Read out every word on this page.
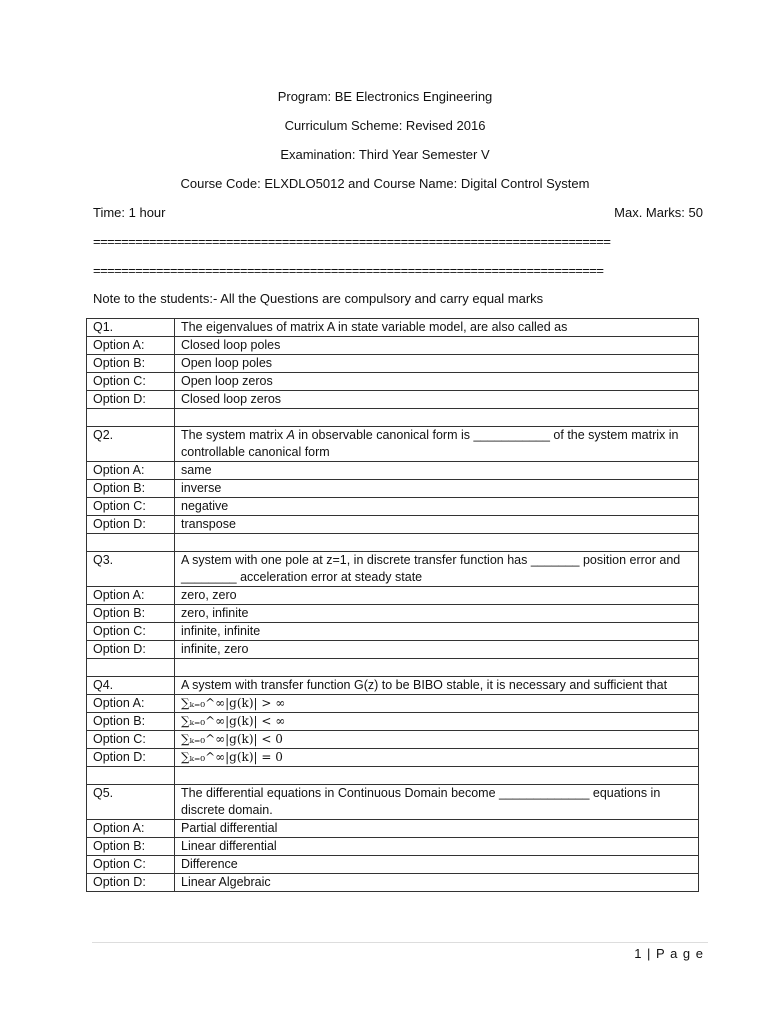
Program: BE Electronics Engineering
Curriculum Scheme: Revised 2016
Examination: Third Year Semester V
Course Code: ELXDLO5012 and Course Name: Digital Control System
Time: 1 hour	Max. Marks: 50
==========================================================================
=========================================================================
Note to the students:- All the Questions are compulsory and carry equal marks
Q1.	The eigenvalues of matrix A in state variable model, are also called as
Option A:	Closed loop poles
Option B:	Open loop poles
Option C:	Open loop zeros
Option D:	Closed loop zeros

Q2.	The system matrix A in observable canonical form is ___________ of the system matrix in controllable canonical form
Option A:	same
Option B:	inverse
Option C:	negative
Option D:	transpose

Q3.	A system with one pole at z=1, in discrete transfer function has _______ position error and ________ acceleration error at steady state
Option A:	zero, zero
Option B:	zero, infinite
Option C:	infinite, infinite
Option D:	infinite, zero

Q4.	A system with transfer function G(z) to be BIBO stable, it is necessary and sufficient that
Option A:	∑ₖ₌₀^∞|g(k)| > ∞
Option B:	∑ₖ₌₀^∞|g(k)| < ∞
Option C:	∑ₖ₌₀^∞|g(k)| < 0
Option D:	∑ₖ₌₀^∞|g(k)| = 0

Q5.	The differential equations in Continuous Domain become _____________ equations in discrete domain.
Option A:	Partial differential
Option B:	Linear differential
Option C:	Difference
Option D:	Linear Algebraic
1 | P a g e
